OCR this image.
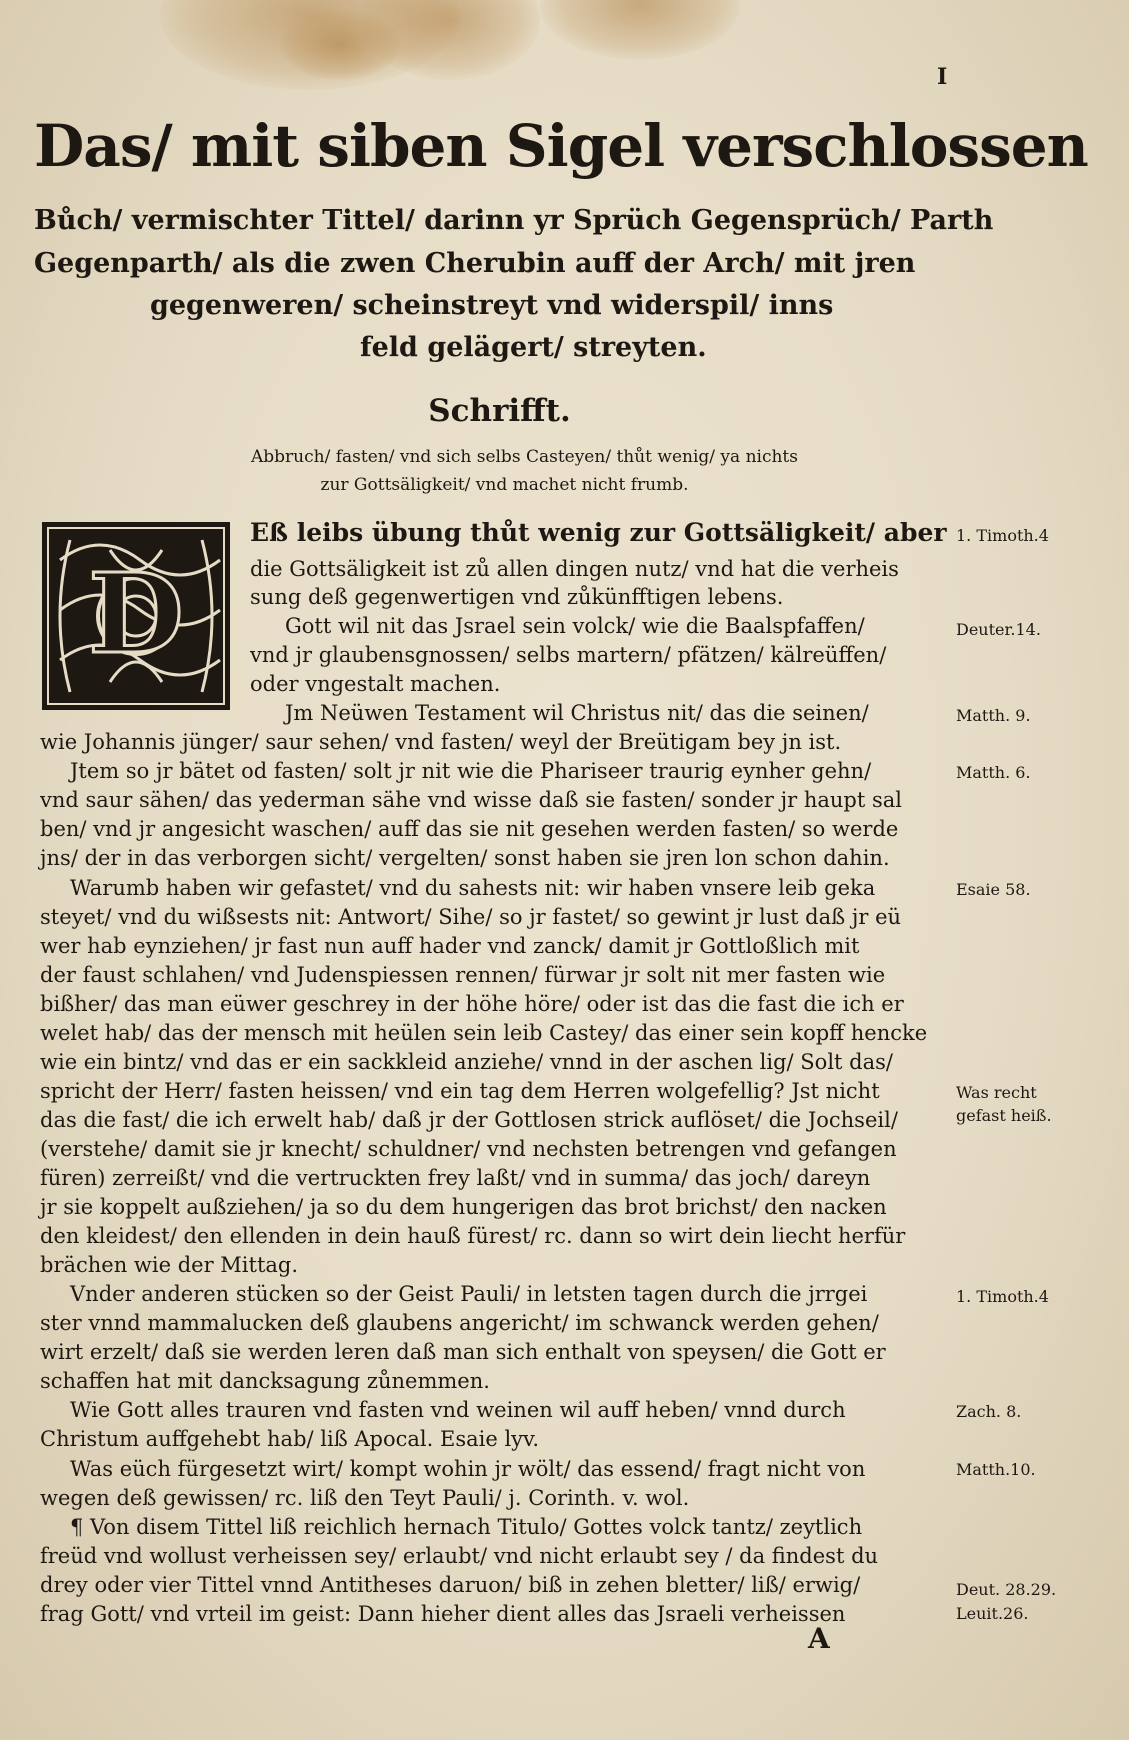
I
Das/ mit siben Sigel verschlossen
Bůch/ vermischter Tittel/ darinn yr Sprüch Gegensprüch/ Parth
Gegenparth/ als die zwen Cherubin auff der Arch/ mit jren
gegenweren/ scheinstreyt vnd widerspil/ inns
feld gelägert/ streyten.
Schrifft.
Abbruch/ fasten/ vnd sich selbs Casteyen/ thůt wenig/ ya nichts
zur Gottsäligkeit/ vnd machet nicht frumb.
D
Eß leibs übung thůt wenig zur Gottsäligkeit/ aber
die Gottsäligkeit ist zů allen dingen nutz/ vnd hat die verheis
sung deß gegenwertigen vnd zůkünfftigen lebens.
Gott wil nit das Jsrael sein volck/ wie die Baalspfaffen/
vnd jr glaubensgnossen/ selbs martern/ pfätzen/ kälreüffen/
oder vngestalt machen.
Jm Neüwen Testament wil Christus nit/ das die seinen/
wie Johannis jünger/ saur sehen/ vnd fasten/ weyl der Breütigam bey jn ist.
Jtem so jr bätet od fasten/ solt jr nit wie die Phariseer traurig eynher gehn/
vnd saur sähen/ das yederman sähe vnd wisse daß sie fasten/ sonder jr haupt sal
ben/ vnd jr angesicht waschen/ auff das sie nit gesehen werden fasten/ so werde
jns/ der in das verborgen sicht/ vergelten/ sonst haben sie jren lon schon dahin.
Warumb haben wir gefastet/ vnd du sahests nit: wir haben vnsere leib geka
steyet/ vnd du wißsests nit: Antwort/ Sihe/ so jr fastet/ so gewint jr lust daß jr eü
wer hab eynziehen/ jr fast nun auff hader vnd zanck/ damit jr Gottloßlich mit
der faust schlahen/ vnd Judenspiessen rennen/ fürwar jr solt nit mer fasten wie
bißher/ das man eüwer geschrey in der höhe höre/ oder ist das die fast die ich er
welet hab/ das der mensch mit heülen sein leib Castey/ das einer sein kopff hencke
wie ein bintz/ vnd das er ein sackkleid anziehe/ vnnd in der aschen lig/ Solt das/
spricht der Herr/ fasten heissen/ vnd ein tag dem Herren wolgefellig? Jst nicht
das die fast/ die ich erwelt hab/ daß jr der Gottlosen strick auflöset/ die Jochseil/
(verstehe/ damit sie jr knecht/ schuldner/ vnd nechsten betrengen vnd gefangen
füren) zerreißt/ vnd die vertruckten frey laßt/ vnd in summa/ das joch/ dareyn
jr sie koppelt außziehen/ ja so du dem hungerigen das brot brichst/ den nacken
den kleidest/ den ellenden in dein hauß fürest/ rc. dann so wirt dein liecht herfür
brächen wie der Mittag.
Vnder anderen stücken so der Geist Pauli/ in letsten tagen durch die jrrgei
ster vnnd mammalucken deß glaubens angericht/ im schwanck werden gehen/
wirt erzelt/ daß sie werden leren daß man sich enthalt von speysen/ die Gott er
schaffen hat mit dancksagung zůnemmen.
Wie Gott alles trauren vnd fasten vnd weinen wil auff heben/ vnnd durch
Christum auffgehebt hab/ liß Apocal. Esaie lyv.
Was eüch fürgesetzt wirt/ kompt wohin jr wölt/ das essend/ fragt nicht von
wegen deß gewissen/ rc. liß den Teyt Pauli/ j. Corinth. v. wol.
¶ Von disem Tittel liß reichlich hernach Titulo/ Gottes volck tantz/ zeytlich
freüd vnd wollust verheissen sey/ erlaubt/ vnd nicht erlaubt sey / da findest du
drey oder vier Tittel vnnd Antitheses daruon/ biß in zehen bletter/ liß/ erwig/
frag Gott/ vnd vrteil im geist: Dann hieher dient alles das Jsraeli verheissen
1. Timoth.4
Deuter.14.
Matth. 9.
Matth. 6.
Esaie 58.
Was recht
gefast heiß.
1. Timoth.4
Zach. 8.
Matth.10.
Deut. 28.29.
Leuit.26.
A
